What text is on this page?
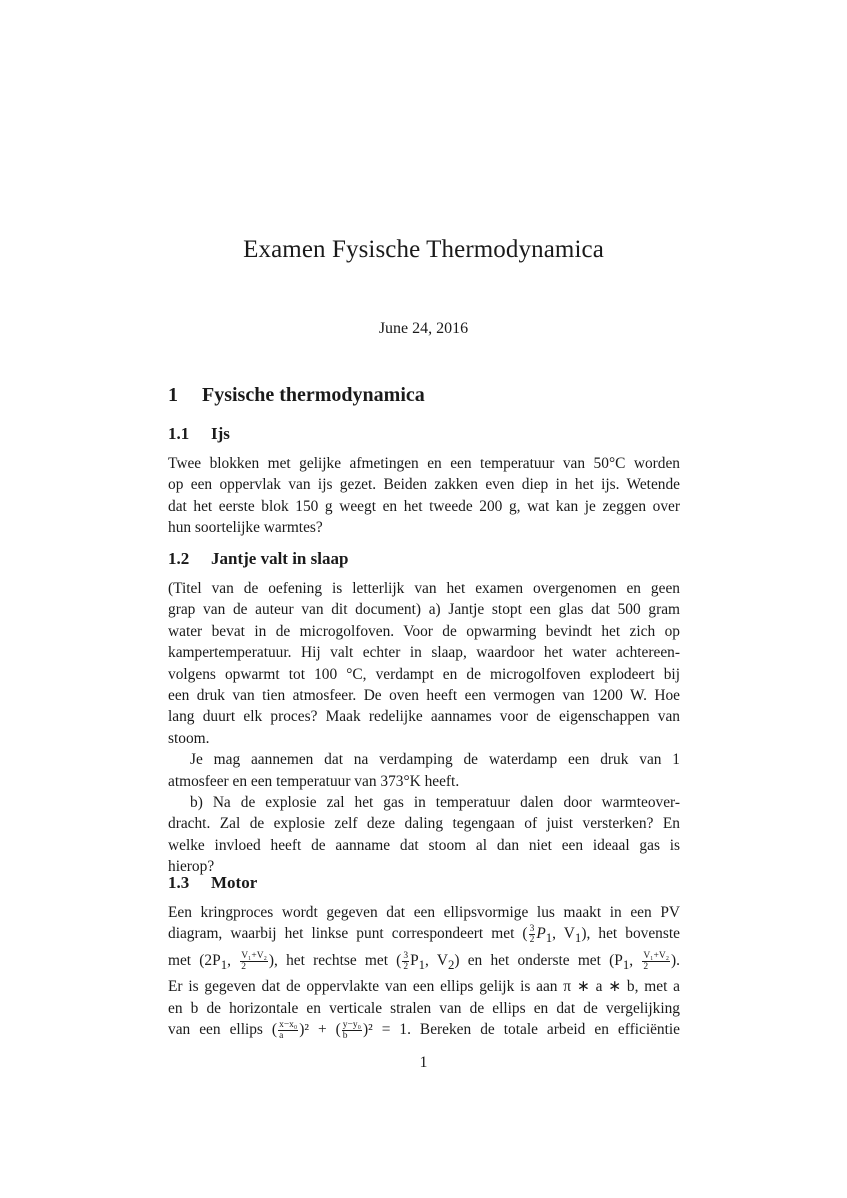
Examen Fysische Thermodynamica
June 24, 2016
1 Fysische thermodynamica
1.1 Ijs
Twee blokken met gelijke afmetingen en een temperatuur van 50°C worden
op een oppervlak van ijs gezet. Beiden zakken even diep in het ijs. Wetende
dat het eerste blok 150 g weegt en het tweede 200 g, wat kan je zeggen over
hun soortelijke warmtes?
1.2 Jantje valt in slaap
(Titel van de oefening is letterlijk van het examen overgenomen en geen
grap van de auteur van dit document) a) Jantje stopt een glas dat 500 gram
water bevat in de microgolfoven. Voor de opwarming bevindt het zich op
kampertemperatuur. Hij valt echter in slaap, waardoor het water achtereen-
volgens opwarmt tot 100 °C, verdampt en de microgolfoven explodeert bij
een druk van tien atmosfeer. De oven heeft een vermogen van 1200 W. Hoe
lang duurt elk proces? Maak redelijke aannames voor de eigenschappen van
stoom.
Je mag aannemen dat na verdamping de waterdamp een druk van 1
atmosfeer en een temperatuur van 373°K heeft.
b) Na de explosie zal het gas in temperatuur dalen door warmteover-
dracht. Zal de explosie zelf deze daling tegengaan of juist versterken? En
welke invloed heeft de aanname dat stoom al dan niet een ideaal gas is
hierop?
1.3 Motor
Een kringproces wordt gegeven dat een ellipsvormige lus maakt in een PV
diagram, waarbij het linkse punt correspondeert met ( $\frac{3}{2} P_1$, $V_1$), het bovenste
met ($2P_1$, $\frac{\text{V₁+V₂}}{2}$ ), het rechtse met ( $\frac{3}{2} P_1$, $V_2$) en het onderste met ($P_1$, $\frac{\text{V₁+V₂}}{2}$ ).
Er is gegeven dat de oppervlakte van een ellips gelijk is aan π ∗ a ∗ b, met a
en b de horizontale en verticale stralen van de ellips en dat de vergelijking
van een ellips ( $\frac{\text{x−x₀}}{a} )^2$ + ( $\frac{\text{y−y₀}}{b} )^2 = 1$. Bereken de totale arbeid en efficiëntie
1
